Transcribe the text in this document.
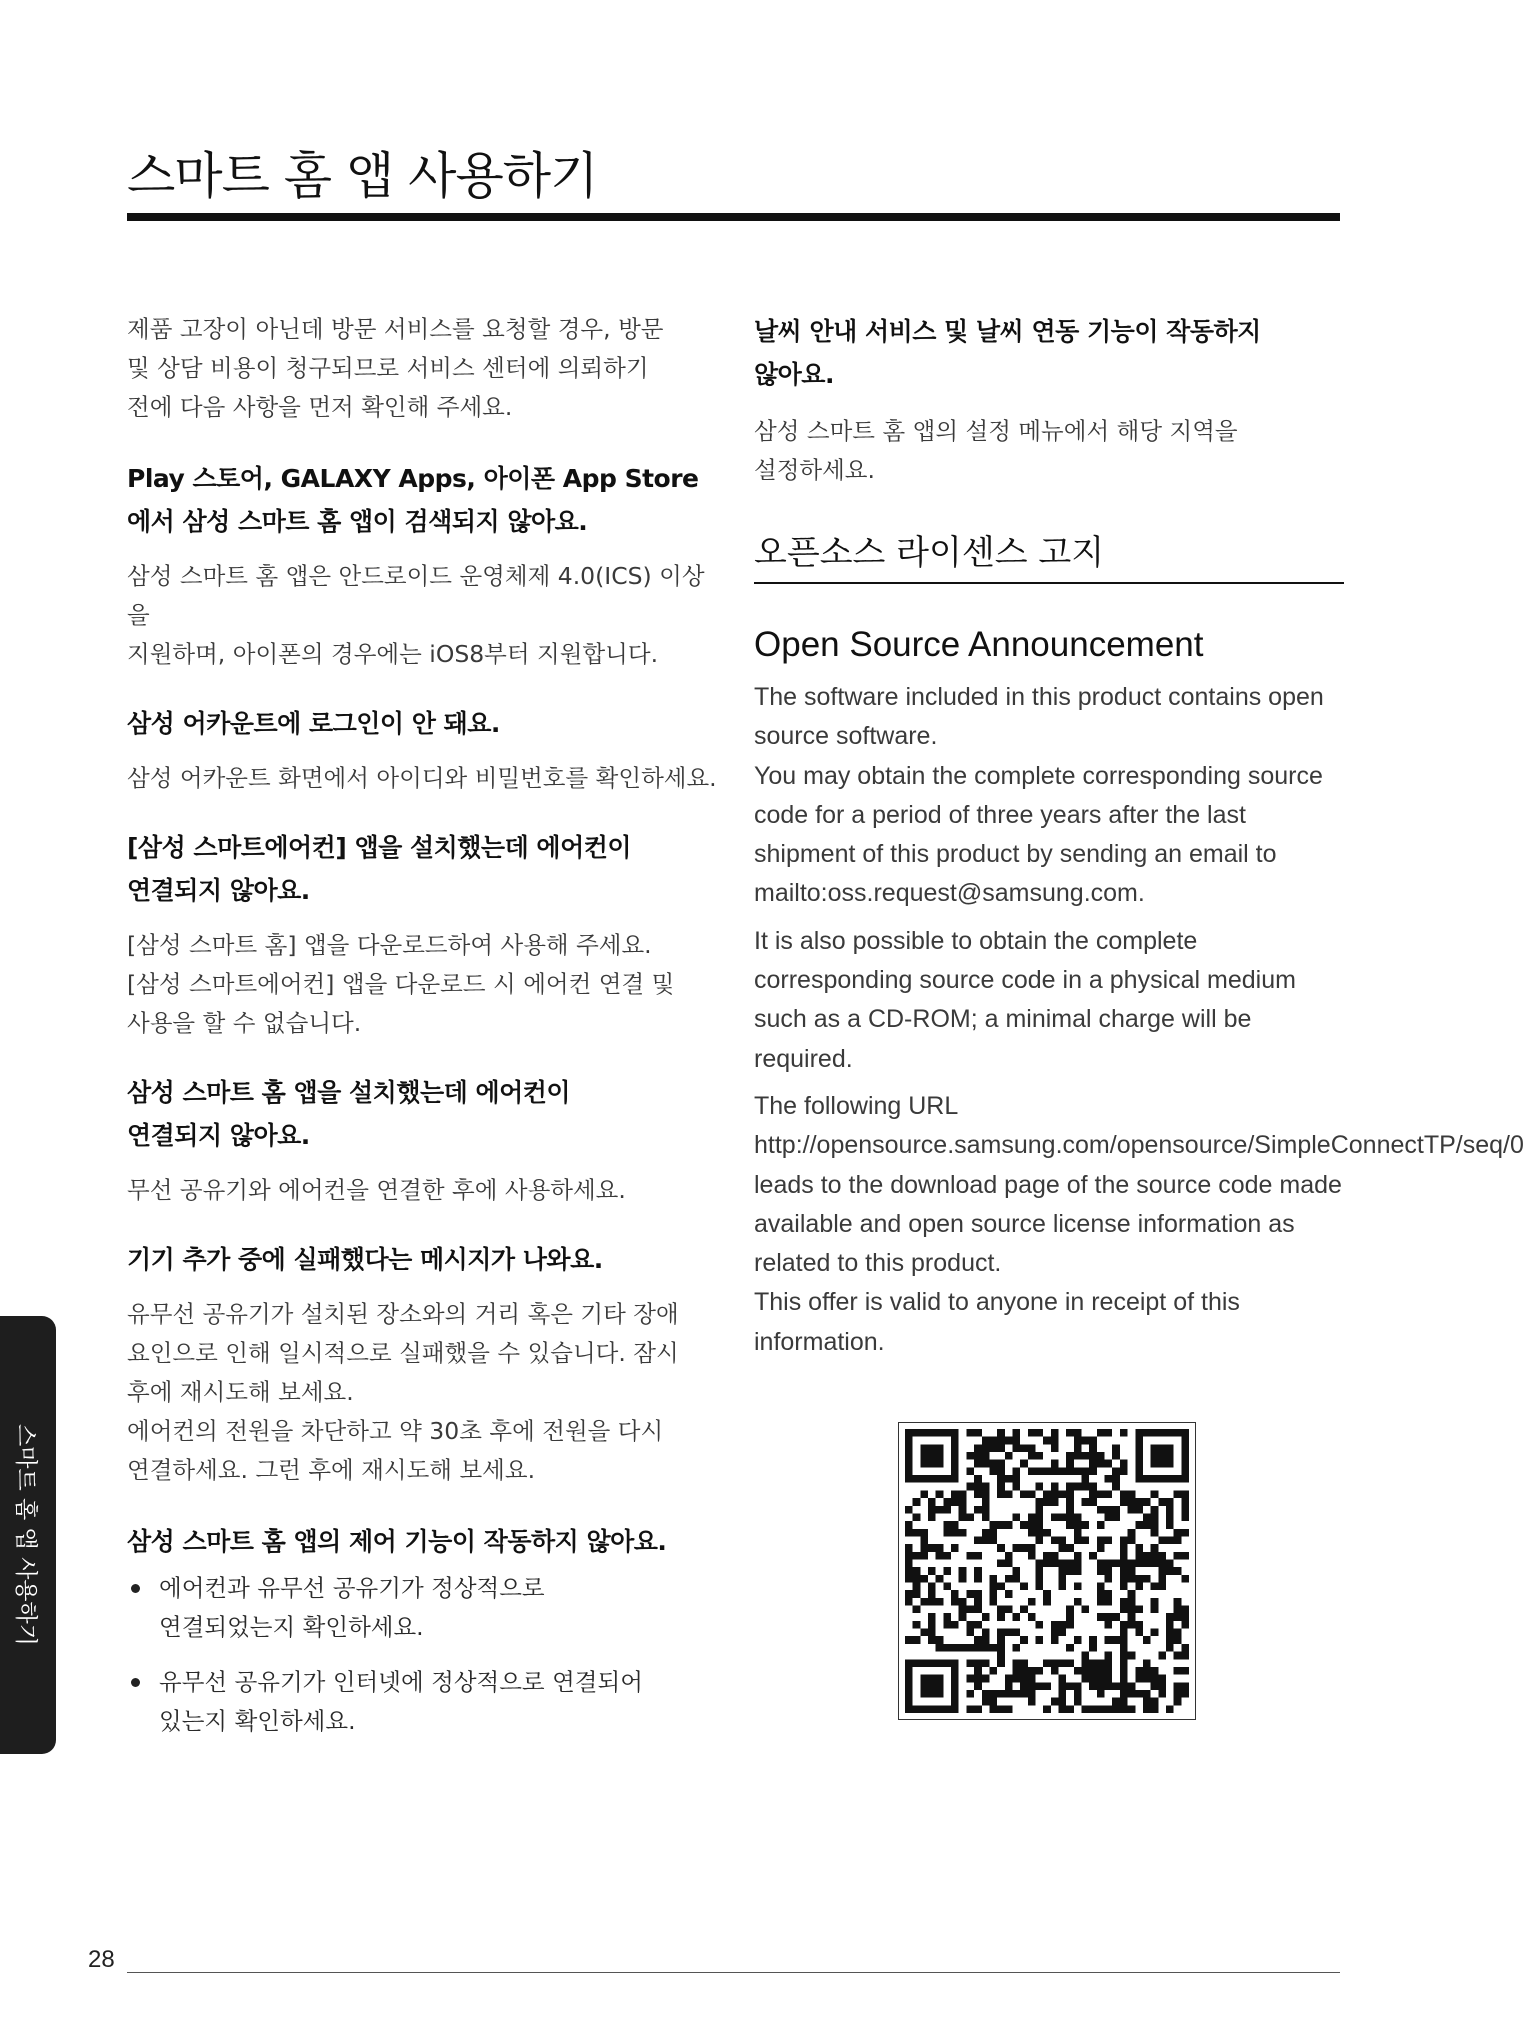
스마트 홈 앱 사용하기

제품 고장이 아닌데 방문 서비스를 요청할 경우, 방문
및 상담 비용이 청구되므로 서비스 센터에 의뢰하기
전에 다음 사항을 먼저 확인해 주세요.

Play 스토어, GALAXY Apps, 아이폰 App Store
에서 삼성 스마트 홈 앱이 검색되지 않아요.

삼성 스마트 홈 앱은 안드로이드 운영체제 4.0(ICS) 이상을
지원하며, 아이폰의 경우에는 iOS8부터 지원합니다.

삼성 어카운트에 로그인이 안 돼요.

삼성 어카운트 화면에서 아이디와 비밀번호를 확인하세요.

[삼성 스마트에어컨] 앱을 설치했는데 에어컨이
연결되지 않아요.

[삼성 스마트 홈] 앱을 다운로드하여 사용해 주세요.
[삼성 스마트에어컨] 앱을 다운로드 시 에어컨 연결 및
사용을 할 수 없습니다.

삼성 스마트 홈 앱을 설치했는데 에어컨이
연결되지 않아요.

무선 공유기와 에어컨을 연결한 후에 사용하세요.

기기 추가 중에 실패했다는 메시지가 나와요.

유무선 공유기가 설치된 장소와의 거리 혹은 기타 장애
요인으로 인해 일시적으로 실패했을 수 있습니다. 잠시
후에 재시도해 보세요.
에어컨의 전원을 차단하고 약 30초 후에 전원을 다시
연결하세요. 그런 후에 재시도해 보세요.

삼성 스마트 홈 앱의 제어 기능이 작동하지 않아요.

에어컨과 유무선 공유기가 정상적으로
연결되었는지 확인하세요.
유무선 공유기가 인터넷에 정상적으로 연결되어
있는지 확인하세요.

날씨 안내 서비스 및 날씨 연동 기능이 작동하지
않아요.

삼성 스마트 홈 앱의 설정 메뉴에서 해당 지역을
설정하세요.

오픈소스 라이센스 고지

Open Source Announcement

The software included in this product contains open source software.

You may obtain the complete corresponding source code for a period of three years after the last shipment of this product by sending an email to mailto:oss.request@samsung.com.

It is also possible to obtain the complete corresponding source code in a physical medium such as a CD-ROM; a minimal charge will be required.

The following URL http://opensource.samsung.com/opensource/SimpleConnectTP/seq/0 leads to the download page of the source code made available and open source license information as related to this product.

This offer is valid to anyone in receipt of this information.

스마트 홈 앱 사용하기
28
